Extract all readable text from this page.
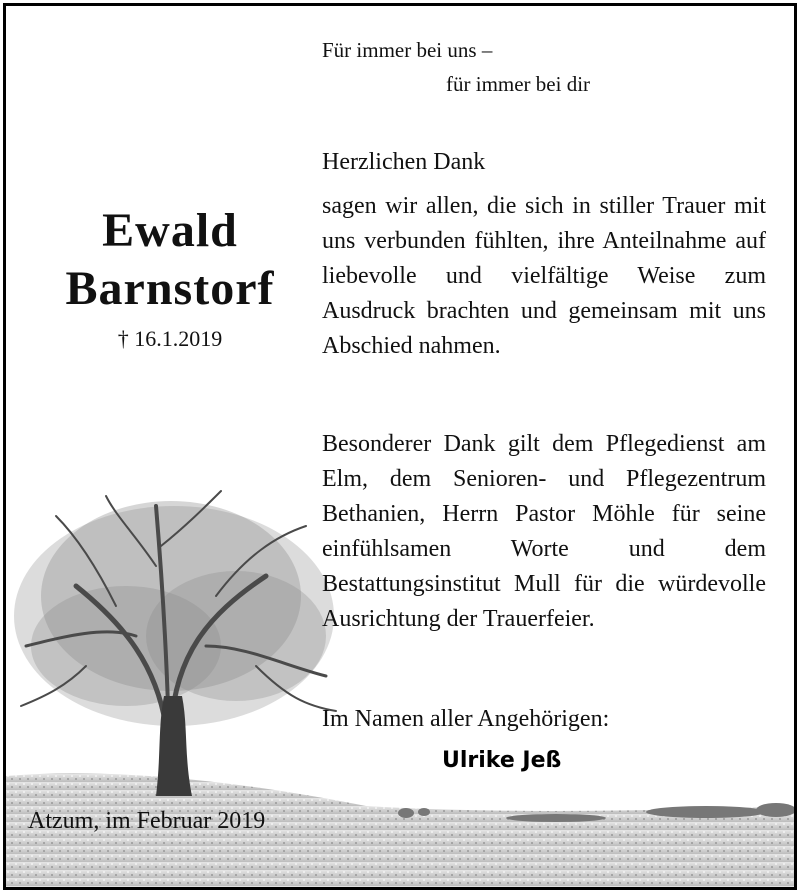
Für immer bei uns –
für immer bei dir
Ewald
Barnstorf
† 16.1.2019
Herzlichen Dank

sagen wir allen, die sich in stiller Trauer mit uns verbunden fühlten, ihre Anteilnahme auf liebevolle und vielfältige Weise zum Ausdruck brachten und gemeinsam mit uns Abschied nahmen.

Besonderer Dank gilt dem Pflegedienst am Elm, dem Senioren- und Pflegezentrum Bethanien, Herrn Pastor Möhle für seine einfühlsamen Worte und dem Bestattungsinstitut Mull für die würdevolle Ausrichtung der Trauerfeier.

Im Namen aller Angehörigen:
Ulrike Jeß
Atzum, im Februar 2019
